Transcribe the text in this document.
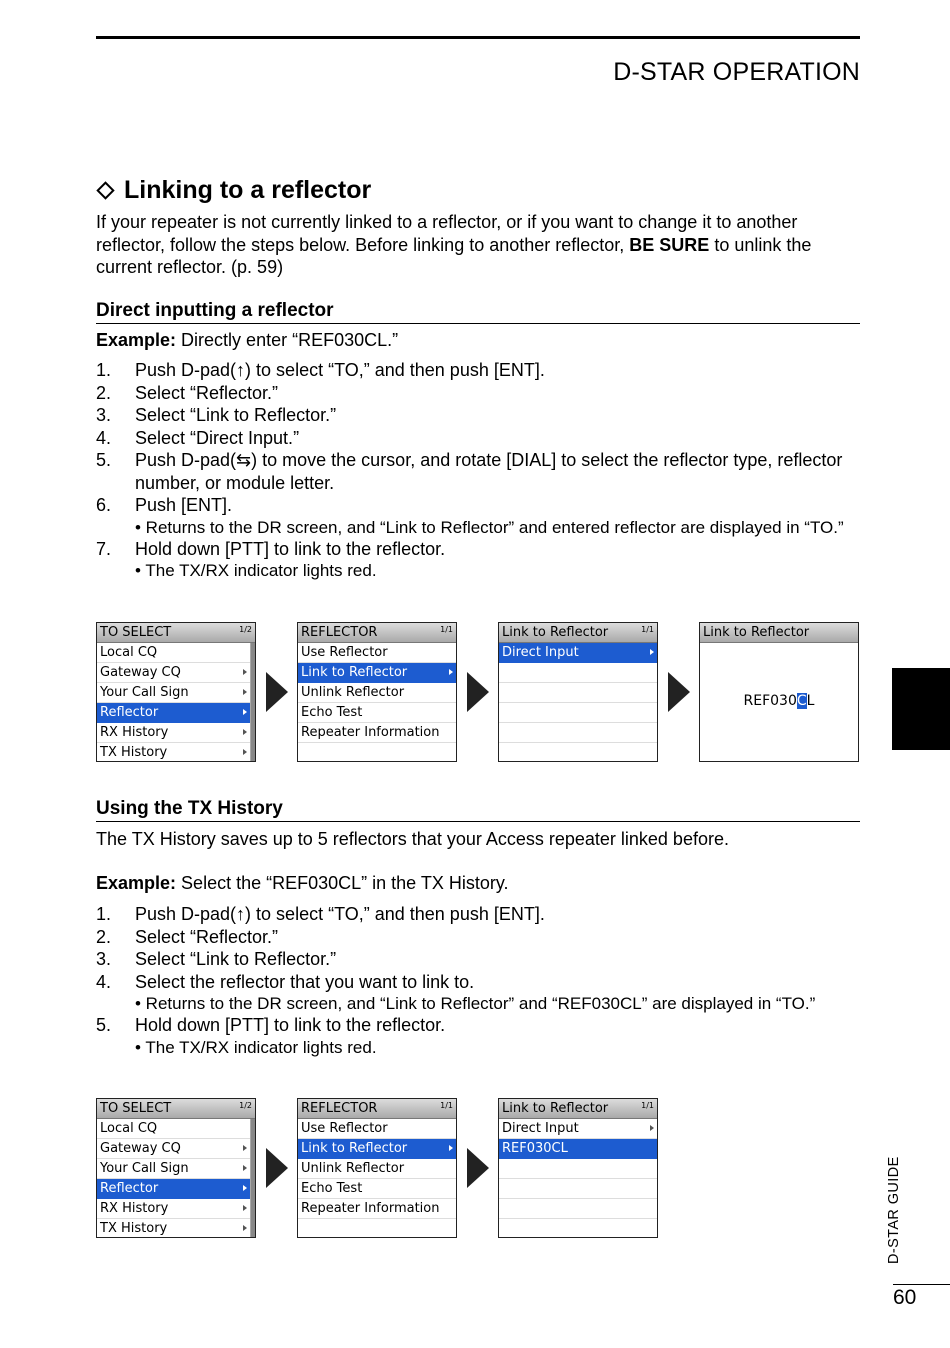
D-STAR OPERATION
Linking to a reflector
If your repeater is not currently linked to a reflector, or if you want to change it to another reflector, follow the steps below. Before linking to another reflector, BE SURE to unlink the current reflector. (p. 59)
Direct inputting a reflector
Example: Directly enter “REF030CL.”
1. Push D-pad(↑) to select “TO,” and then push [ENT].
2. Select “Reflector.”
3. Select “Link to Reflector.”
4. Select “Direct Input.”
5. Push D-pad(⇆) to move the cursor, and rotate [DIAL] to select the reflector type, reflector number, or module letter.
6. Push [ENT].
• Returns to the DR screen, and “Link to Reflector” and entered reflector are displayed in “TO.”
7. Hold down [PTT] to link to the reflector.
• The TX/RX indicator lights red.
TO SELECT	1/2
Local CQ
Gateway CQ
Your Call Sign
Reflector
RX History
TX History
REFLECTOR	1/1
Use Reflector
Link to Reflector
Unlink Reflector
Echo Test
Repeater Information
Link to Reflector	1/1
Direct Input
Link to Reflector
REF030CL
Using the TX History
The TX History saves up to 5 reflectors that your Access repeater linked before.
Example: Select the “REF030CL” in the TX History.
1. Push D-pad(↑) to select “TO,” and then push [ENT].
2. Select “Reflector.”
3. Select “Link to Reflector.”
4. Select the reflector that you want to link to.
• Returns to the DR screen, and “Link to Reflector” and “REF030CL” are displayed in “TO.”
5. Hold down [PTT] to link to the reflector.
• The TX/RX indicator lights red.
TO SELECT	1/2
Local CQ
Gateway CQ
Your Call Sign
Reflector
RX History
TX History
REFLECTOR	1/1
Use Reflector
Link to Reflector
Unlink Reflector
Echo Test
Repeater Information
Link to Reflector	1/1
Direct Input
REF030CL
D-STAR GUIDE
60
